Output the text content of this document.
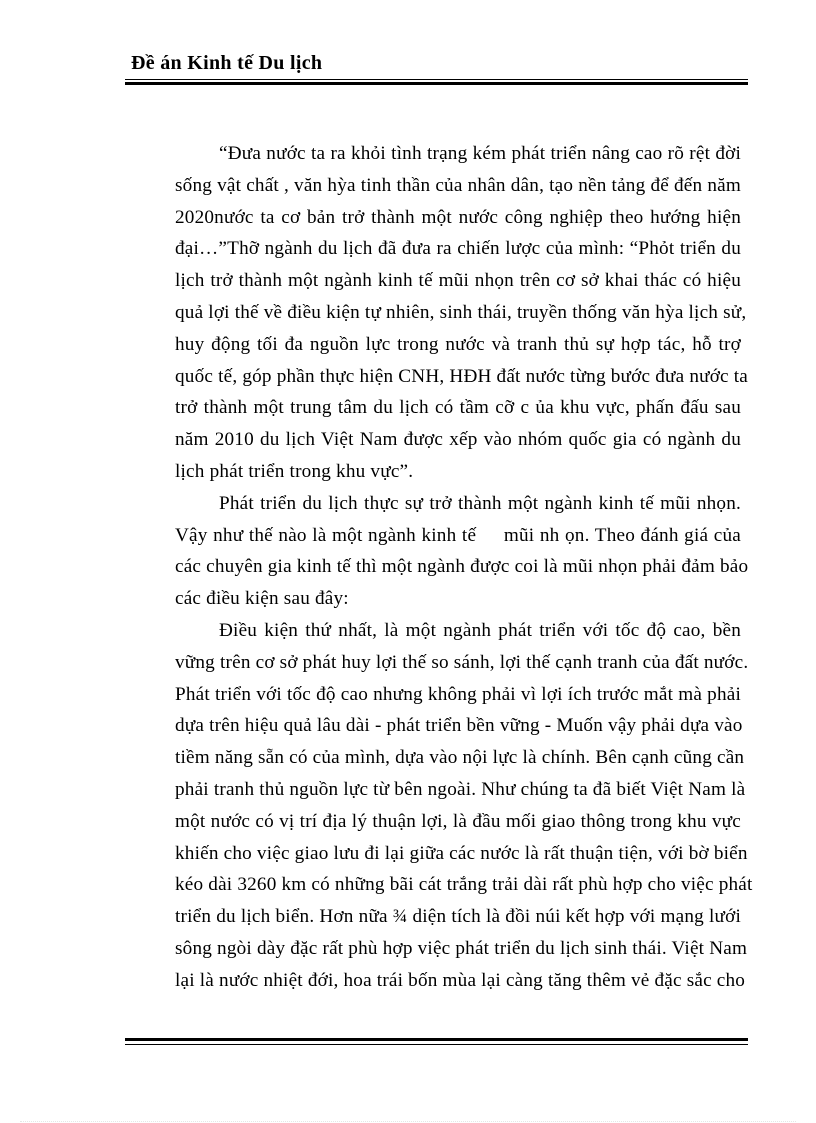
Đề án Kinh tế Du lịch

“Đưa nước ta ra khỏi tình trạng kém phát triển nâng cao rõ rệt đời
sống vật chất , văn hỳa tinh thần của nhân dân, tạo nền tảng để đến năm
2020nước ta cơ bản trở thành một nước công nghiệp theo hướng hiện
đại…”Thỡ ngành du lịch đã đưa ra chiến lược của mình: “Phỏt triển du
lịch trở thành một ngành kinh tế mũi nhọn trên cơ sở khai thác có hiệu
quả lợi thế về điều kiện tự nhiên, sinh thái, truyền thống văn hỳa lịch sử,
huy động tối đa nguồn lực trong nước và tranh thủ sự hợp tác, hỗ trợ
quốc tế, góp phần thực hiện CNH, HĐH đất nước từng bước đưa nước ta
trở thành một trung tâm du lịch có tầm cỡ c ủa khu vực, phấn đấu sau
năm 2010 du lịch Việt Nam được xếp vào nhóm quốc gia có ngành du
lịch phát triển trong khu vực”.

Phát triển du lịch thực sự trở thành một ngành kinh tế mũi nhọn.
Vậy như thế nào là một ngành kinh tế     mũi nh ọn. Theo đánh giá của
các chuyên gia kinh tế thì một ngành được coi là mũi nhọn phải đảm bảo
các điều kiện sau đây:

Điều kiện thứ nhất, là một ngành phát triển với tốc độ cao, bền
vững trên cơ sở phát huy lợi thế so sánh, lợi thế cạnh tranh của đất nước.
Phát triển với tốc độ cao nhưng không phải vì lợi ích trước mắt mà phải
dựa trên hiệu quả lâu dài - phát triển bền vững - Muốn vậy phải dựa vào
tiềm năng sẵn có của mình, dựa vào nội lực là chính. Bên cạnh cũng cần
phải tranh thủ nguồn lực từ bên ngoài. Như chúng ta đã biết Việt Nam là
một nước có vị trí địa lý thuận lợi, là đầu mối giao thông trong khu vực
khiến cho việc giao lưu đi lại giữa các nước là rất thuận tiện, với bờ biển
kéo dài 3260 km có những bãi cát trắng trải dài rất phù hợp cho việc phát
triển du lịch biển. Hơn nữa ¾ diện tích là đồi núi kết hợp với mạng lưới
sông ngòi dày đặc rất phù hợp việc phát triển du lịch sinh thái. Việt Nam
lại là nước nhiệt đới, hoa trái bốn mùa lại càng tăng thêm vẻ đặc sắc cho
